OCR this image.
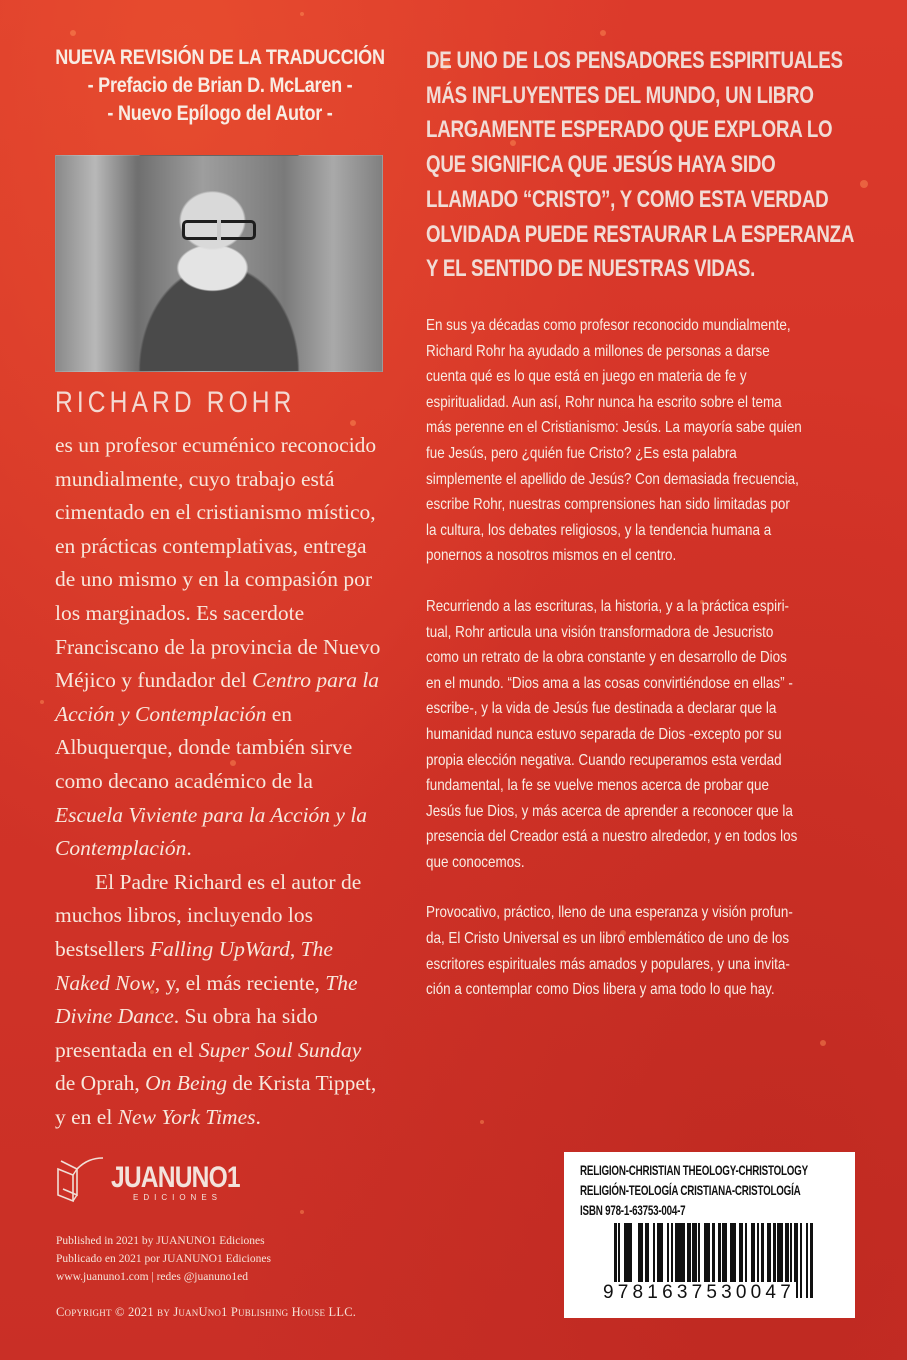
NUEVA REVISIÓN DE LA TRADUCCIÓN
- Prefacio de Brian D. McLaren -
- Nuevo Epílogo del Autor -
RICHARD ROHR

es un profesor ecuménico reconocido mundialmente, cuyo trabajo está cimentado en el cristianismo místico, en prácticas contemplativas, entrega de uno mismo y en la compasión por los marginados. Es sacerdote Franciscano de la provincia de Nuevo Méjico y fundador del Centro para la Acción y Contemplación en Albuquerque, donde también sirve como decano académico de la Escuela Viviente para la Acción y la Contemplación.

El Padre Richard es el autor de muchos libros, incluyendo los bestsellers Falling UpWard, The Naked Now, y, el más reciente, The Divine Dance. Su obra ha sido presentada en el Super Soul Sunday de Oprah, On Being de Krista Tippet, y en el New York Times.

JUANUNO1
EDICIONES
Published in 2021 by JUANUNO1 Ediciones
Publicado en 2021 por JUANUNO1 Ediciones
www.juanuno1.com | redes @juanuno1ed
Copyright © 2021 by JuanUno1 Publishing House LLC.
DE UNO DE LOS PENSADORES ESPIRITUALES
MÁS INFLUYENTES DEL MUNDO, UN LIBRO
LARGAMENTE ESPERADO QUE EXPLORA LO
QUE SIGNIFICA QUE JESÚS HAYA SIDO
LLAMADO “CRISTO”, Y COMO ESTA VERDAD
OLVIDADA PUEDE RESTAURAR LA ESPERANZA
Y EL SENTIDO DE NUESTRAS VIDAS.

En sus ya décadas como profesor reconocido mundialmente,
Richard Rohr ha ayudado a millones de personas a darse
cuenta qué es lo que está en juego en materia de fe y
espiritualidad. Aun así, Rohr nunca ha escrito sobre el tema
más perenne en el Cristianismo: Jesús. La mayoría sabe quien
fue Jesús, pero ¿quién fue Cristo? ¿Es esta palabra
simplemente el apellido de Jesús? Con demasiada frecuencia,
escribe Rohr, nuestras comprensiones han sido limitadas por
la cultura, los debates religiosos, y la tendencia humana a
ponernos a nosotros mismos en el centro.

Recurriendo a las escrituras, la historia, y a la práctica espiri-
tual, Rohr articula una visión transformadora de Jesucristo
como un retrato de la obra constante y en desarrollo de Dios
en el mundo. “Dios ama a las cosas convirtiéndose en ellas” -
escribe-, y la vida de Jesús fue destinada a declarar que la
humanidad nunca estuvo separada de Dios -excepto por su
propia elección negativa. Cuando recuperamos esta verdad
fundamental, la fe se vuelve menos acerca de probar que
Jesús fue Dios, y más acerca de aprender a reconocer que la
presencia del Creador está a nuestro alrededor, y en todos los
que conocemos.

Provocativo, práctico, lleno de una esperanza y visión profun-
da, El Cristo Universal es un libro emblemático de uno de los
escritores espirituales más amados y populares, y una invita-
ción a contemplar como Dios libera y ama todo lo que hay.

RELIGION-CHRISTIAN THEOLOGY-CHRISTOLOGY
RELIGIÓN-TEOLOGÍA CRISTIANA-CRISTOLOGÍA
ISBN 978-1-63753-004-7
9781637530047
